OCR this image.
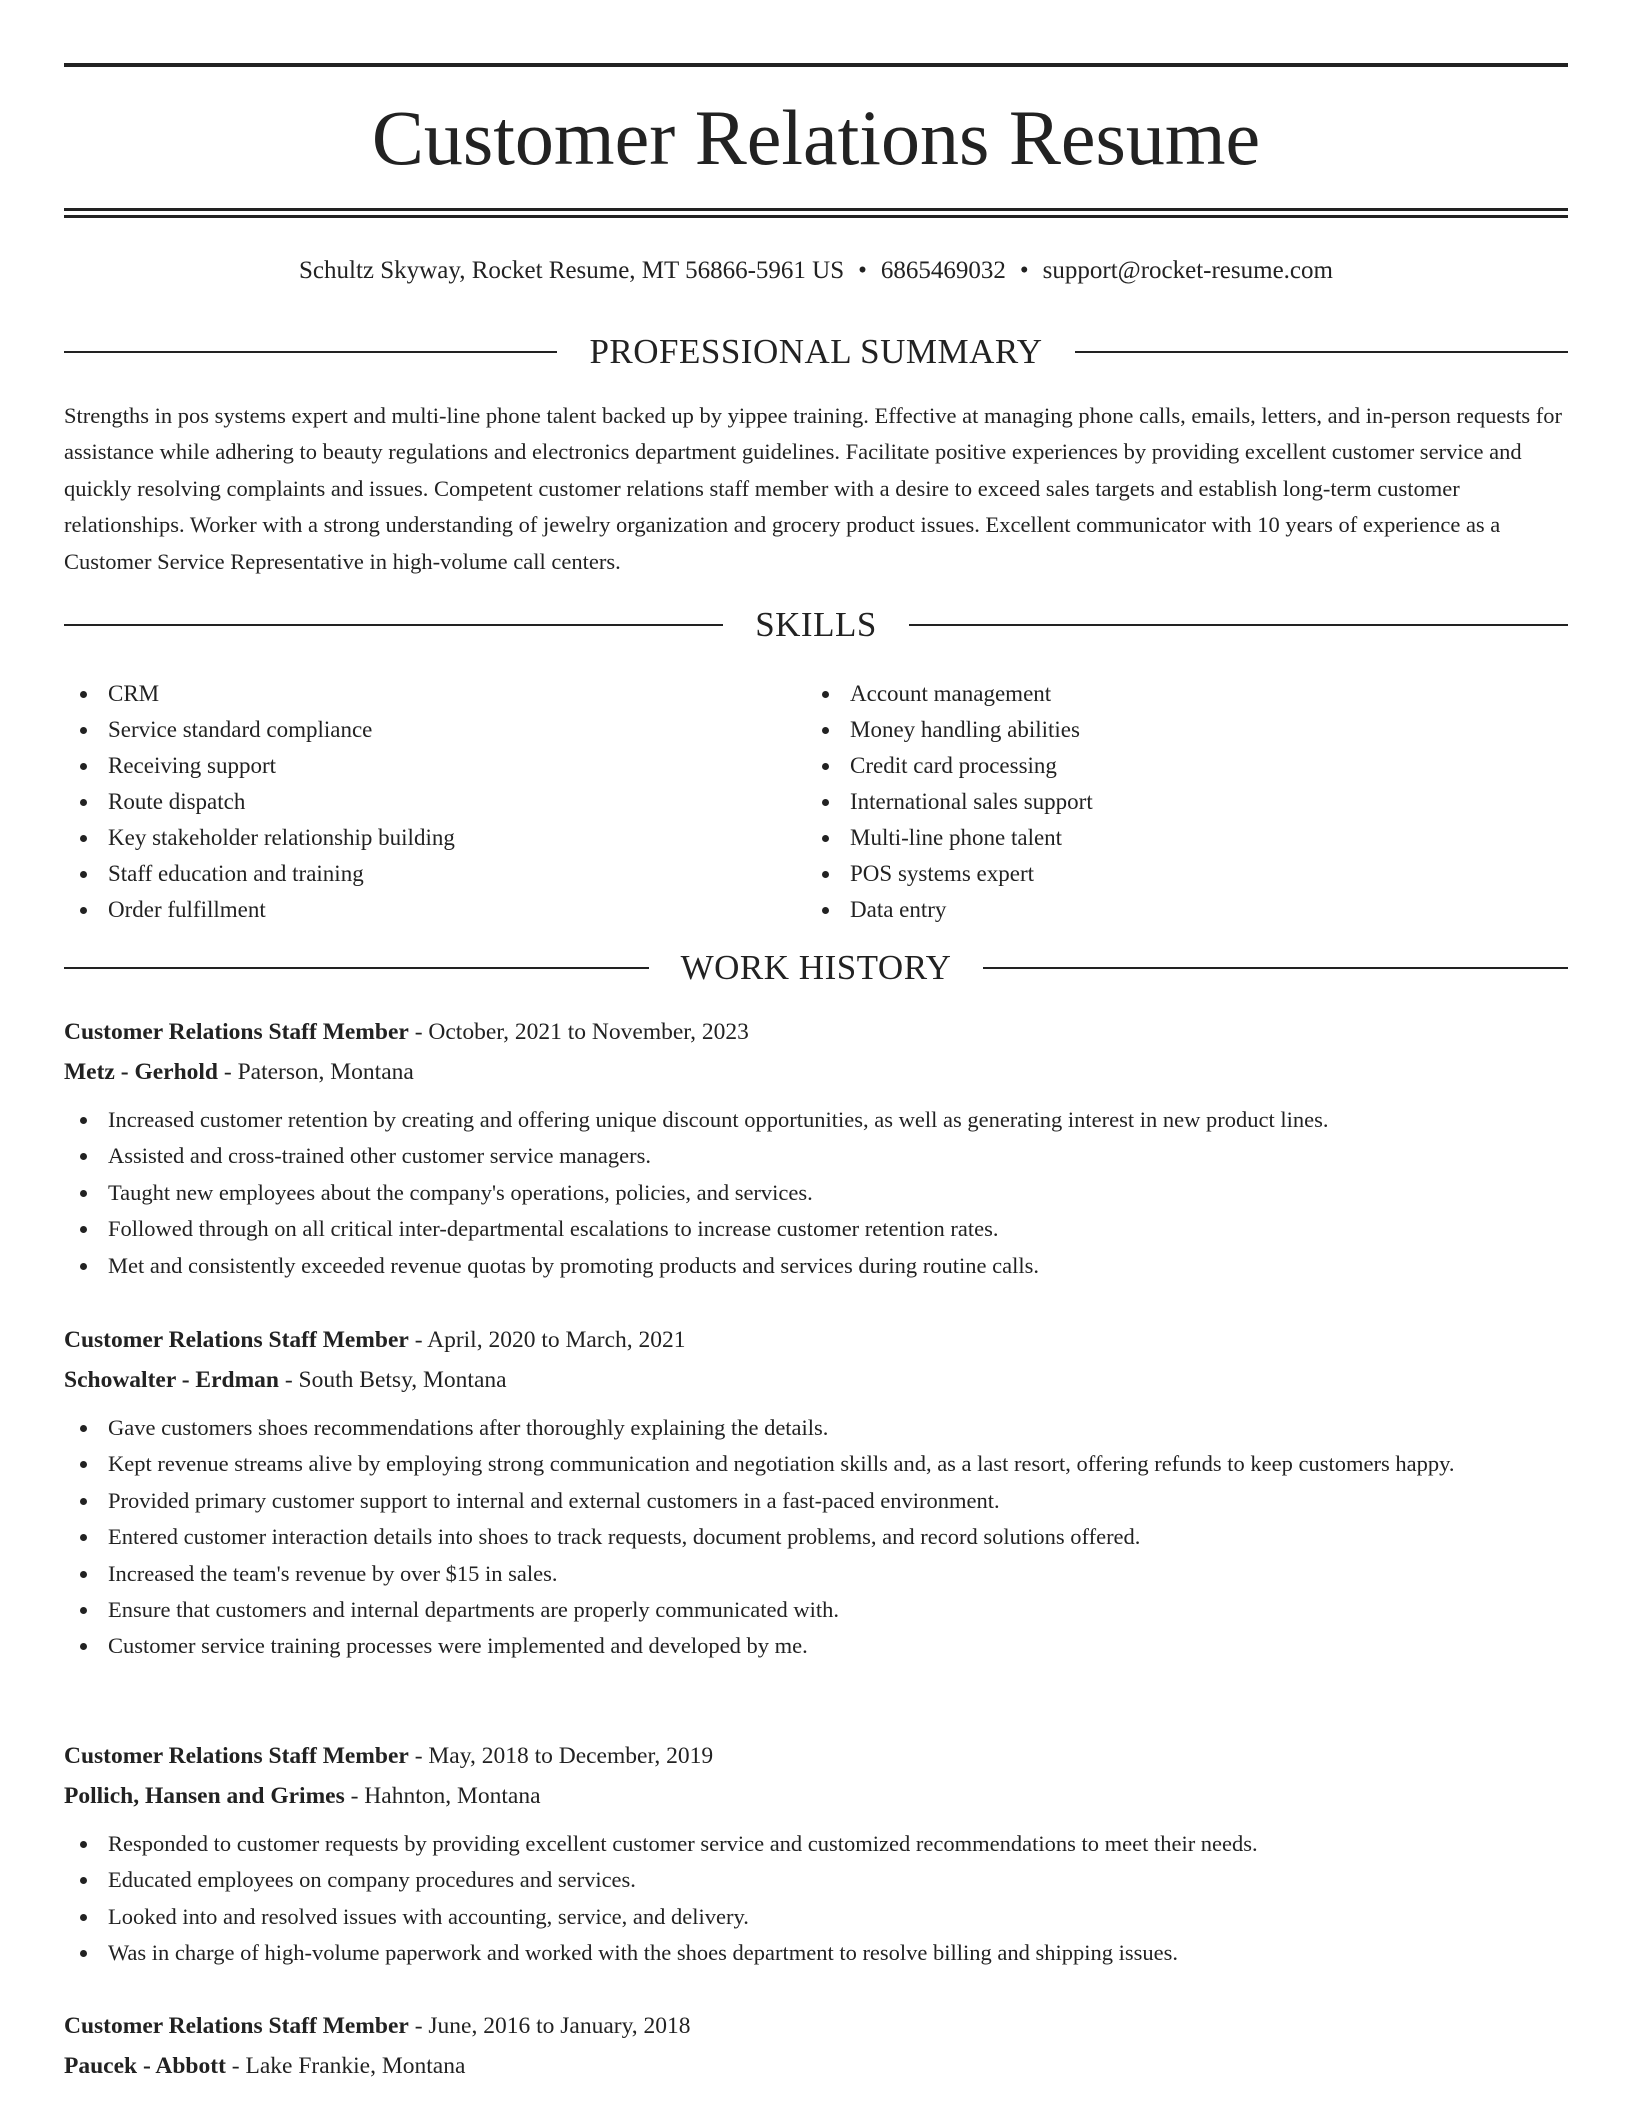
Customer Relations Resume
Schultz Skyway, Rocket Resume, MT 56866-5961 US • 6865469032 • support@rocket-resume.com
PROFESSIONAL SUMMARY

Strengths in pos systems expert and multi-line phone talent backed up by yippee training. Effective at managing phone calls, emails, letters, and in-person requests for assistance while adhering to beauty regulations and electronics department guidelines. Facilitate positive experiences by providing excellent customer service and quickly resolving complaints and issues. Competent customer relations staff member with a desire to exceed sales targets and establish long-term customer relationships. Worker with a strong understanding of jewelry organization and grocery product issues. Excellent communicator with 10 years of experience as a Customer Service Representative in high-volume call centers.

SKILLS
CRM
Service standard compliance
Receiving support
Route dispatch
Key stakeholder relationship building
Staff education and training
Order fulfillment
Account management
Money handling abilities
Credit card processing
International sales support
Multi-line phone talent
POS systems expert
Data entry
WORK HISTORY
Customer Relations Staff Member - October, 2021 to November, 2023
Metz - Gerhold - Paterson, Montana
Increased customer retention by creating and offering unique discount opportunities, as well as generating interest in new product lines.
Assisted and cross-trained other customer service managers.
Taught new employees about the company's operations, policies, and services.
Followed through on all critical inter-departmental escalations to increase customer retention rates.
Met and consistently exceeded revenue quotas by promoting products and services during routine calls.
Customer Relations Staff Member - April, 2020 to March, 2021
Schowalter - Erdman - South Betsy, Montana
Gave customers shoes recommendations after thoroughly explaining the details.
Kept revenue streams alive by employing strong communication and negotiation skills and, as a last resort, offering refunds to keep customers happy.
Provided primary customer support to internal and external customers in a fast-paced environment.
Entered customer interaction details into shoes to track requests, document problems, and record solutions offered.
Increased the team's revenue by over $15 in sales.
Ensure that customers and internal departments are properly communicated with.
Customer service training processes were implemented and developed by me.
Customer Relations Staff Member - May, 2018 to December, 2019
Pollich, Hansen and Grimes - Hahnton, Montana
Responded to customer requests by providing excellent customer service and customized recommendations to meet their needs.
Educated employees on company procedures and services.
Looked into and resolved issues with accounting, service, and delivery.
Was in charge of high-volume paperwork and worked with the shoes department to resolve billing and shipping issues.
Customer Relations Staff Member - June, 2016 to January, 2018
Paucek - Abbott - Lake Frankie, Montana
